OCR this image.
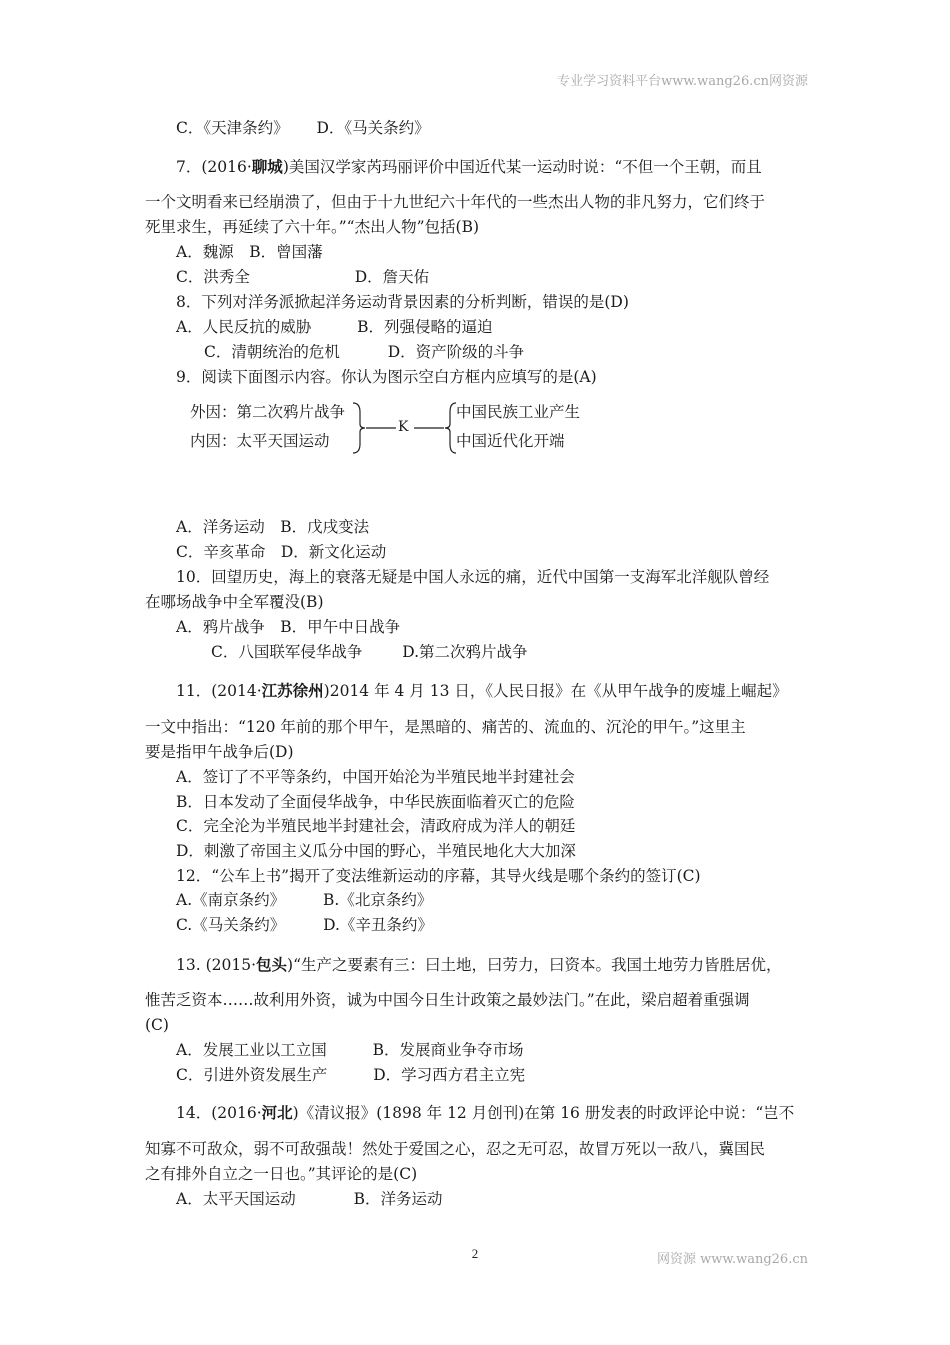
专业学习资料平台www.wang26.cn网资源
C．《天津条约》 D．《马关条约》
7．(2016·聊城)美国汉学家芮玛丽评价中国近代某一运动时说：“不但一个王朝，而且
一个文明看来已经崩溃了，但由于十九世纪六十年代的一些杰出人物的非凡努力，它们终于
死里求生，再延续了六十年。”“杰出人物”包括(B)
A．魏源　B．曾国藩
C．洪秀全	D．詹天佑
8．下列对洋务派掀起洋务运动背景因素的分析判断，错误的是(D)
A．人民反抗的威胁	B．列强侵略的逼迫
C．清朝统治的危机	D．资产阶级的斗争
9．阅读下面图示内容。你认为图示空白方框内应填写的是(A)
外因：第二次鸦片战争
内因：太平天国运动
K
中国民族工业产生
中国近代化开端
A．洋务运动　B．戊戌变法
C．辛亥革命　D．新文化运动
10．回望历史，海上的衰落无疑是中国人永远的痛，近代中国第一支海军北洋舰队曾经
在哪场战争中全军覆没(B)
A．鸦片战争　B．甲午中日战争
C．八国联军侵华战争	D.第二次鸦片战争
11．(2014·江苏徐州)2014 年 4 月 13 日，《人民日报》在《从甲午战争的废墟上崛起》
一文中指出：“120 年前的那个甲午，是黑暗的、痛苦的、流血的、沉沦的甲午。”这里主
要是指甲午战争后(D)
A．签订了不平等条约，中国开始沦为半殖民地半封建社会
B．日本发动了全面侵华战争，中华民族面临着灭亡的危险
C．完全沦为半殖民地半封建社会，清政府成为洋人的朝廷
D．刺激了帝国主义瓜分中国的野心，半殖民地化大大加深
12．“公车上书”揭开了变法维新运动的序幕，其导火线是哪个条约的签订(C)
A.《南京条约》 B.《北京条约》
C.《马关条约》 D.《辛丑条约》
13. (2015·包头)“生产之要素有三：曰土地，曰劳力，曰资本。我国土地劳力皆胜居优，
惟苦乏资本……故利用外资，诚为中国今日生计政策之最妙法门。”在此，梁启超着重强调
(C)
A．发展工业以工立国	B．发展商业争夺市场
C．引进外资发展生产	D．学习西方君主立宪
14．(2016·河北)《清议报》(1898 年 12 月创刊)在第 16 册发表的时政评论中说：“岂不
知寡不可敌众，弱不可敌强哉！然处于爱国之心，忍之无可忍，故冒万死以一敌八，冀国民
之有排外自立之一日也。”其评论的是(C)
A．太平天国运动	B．洋务运动
2	网资源 www.wang26.cn
